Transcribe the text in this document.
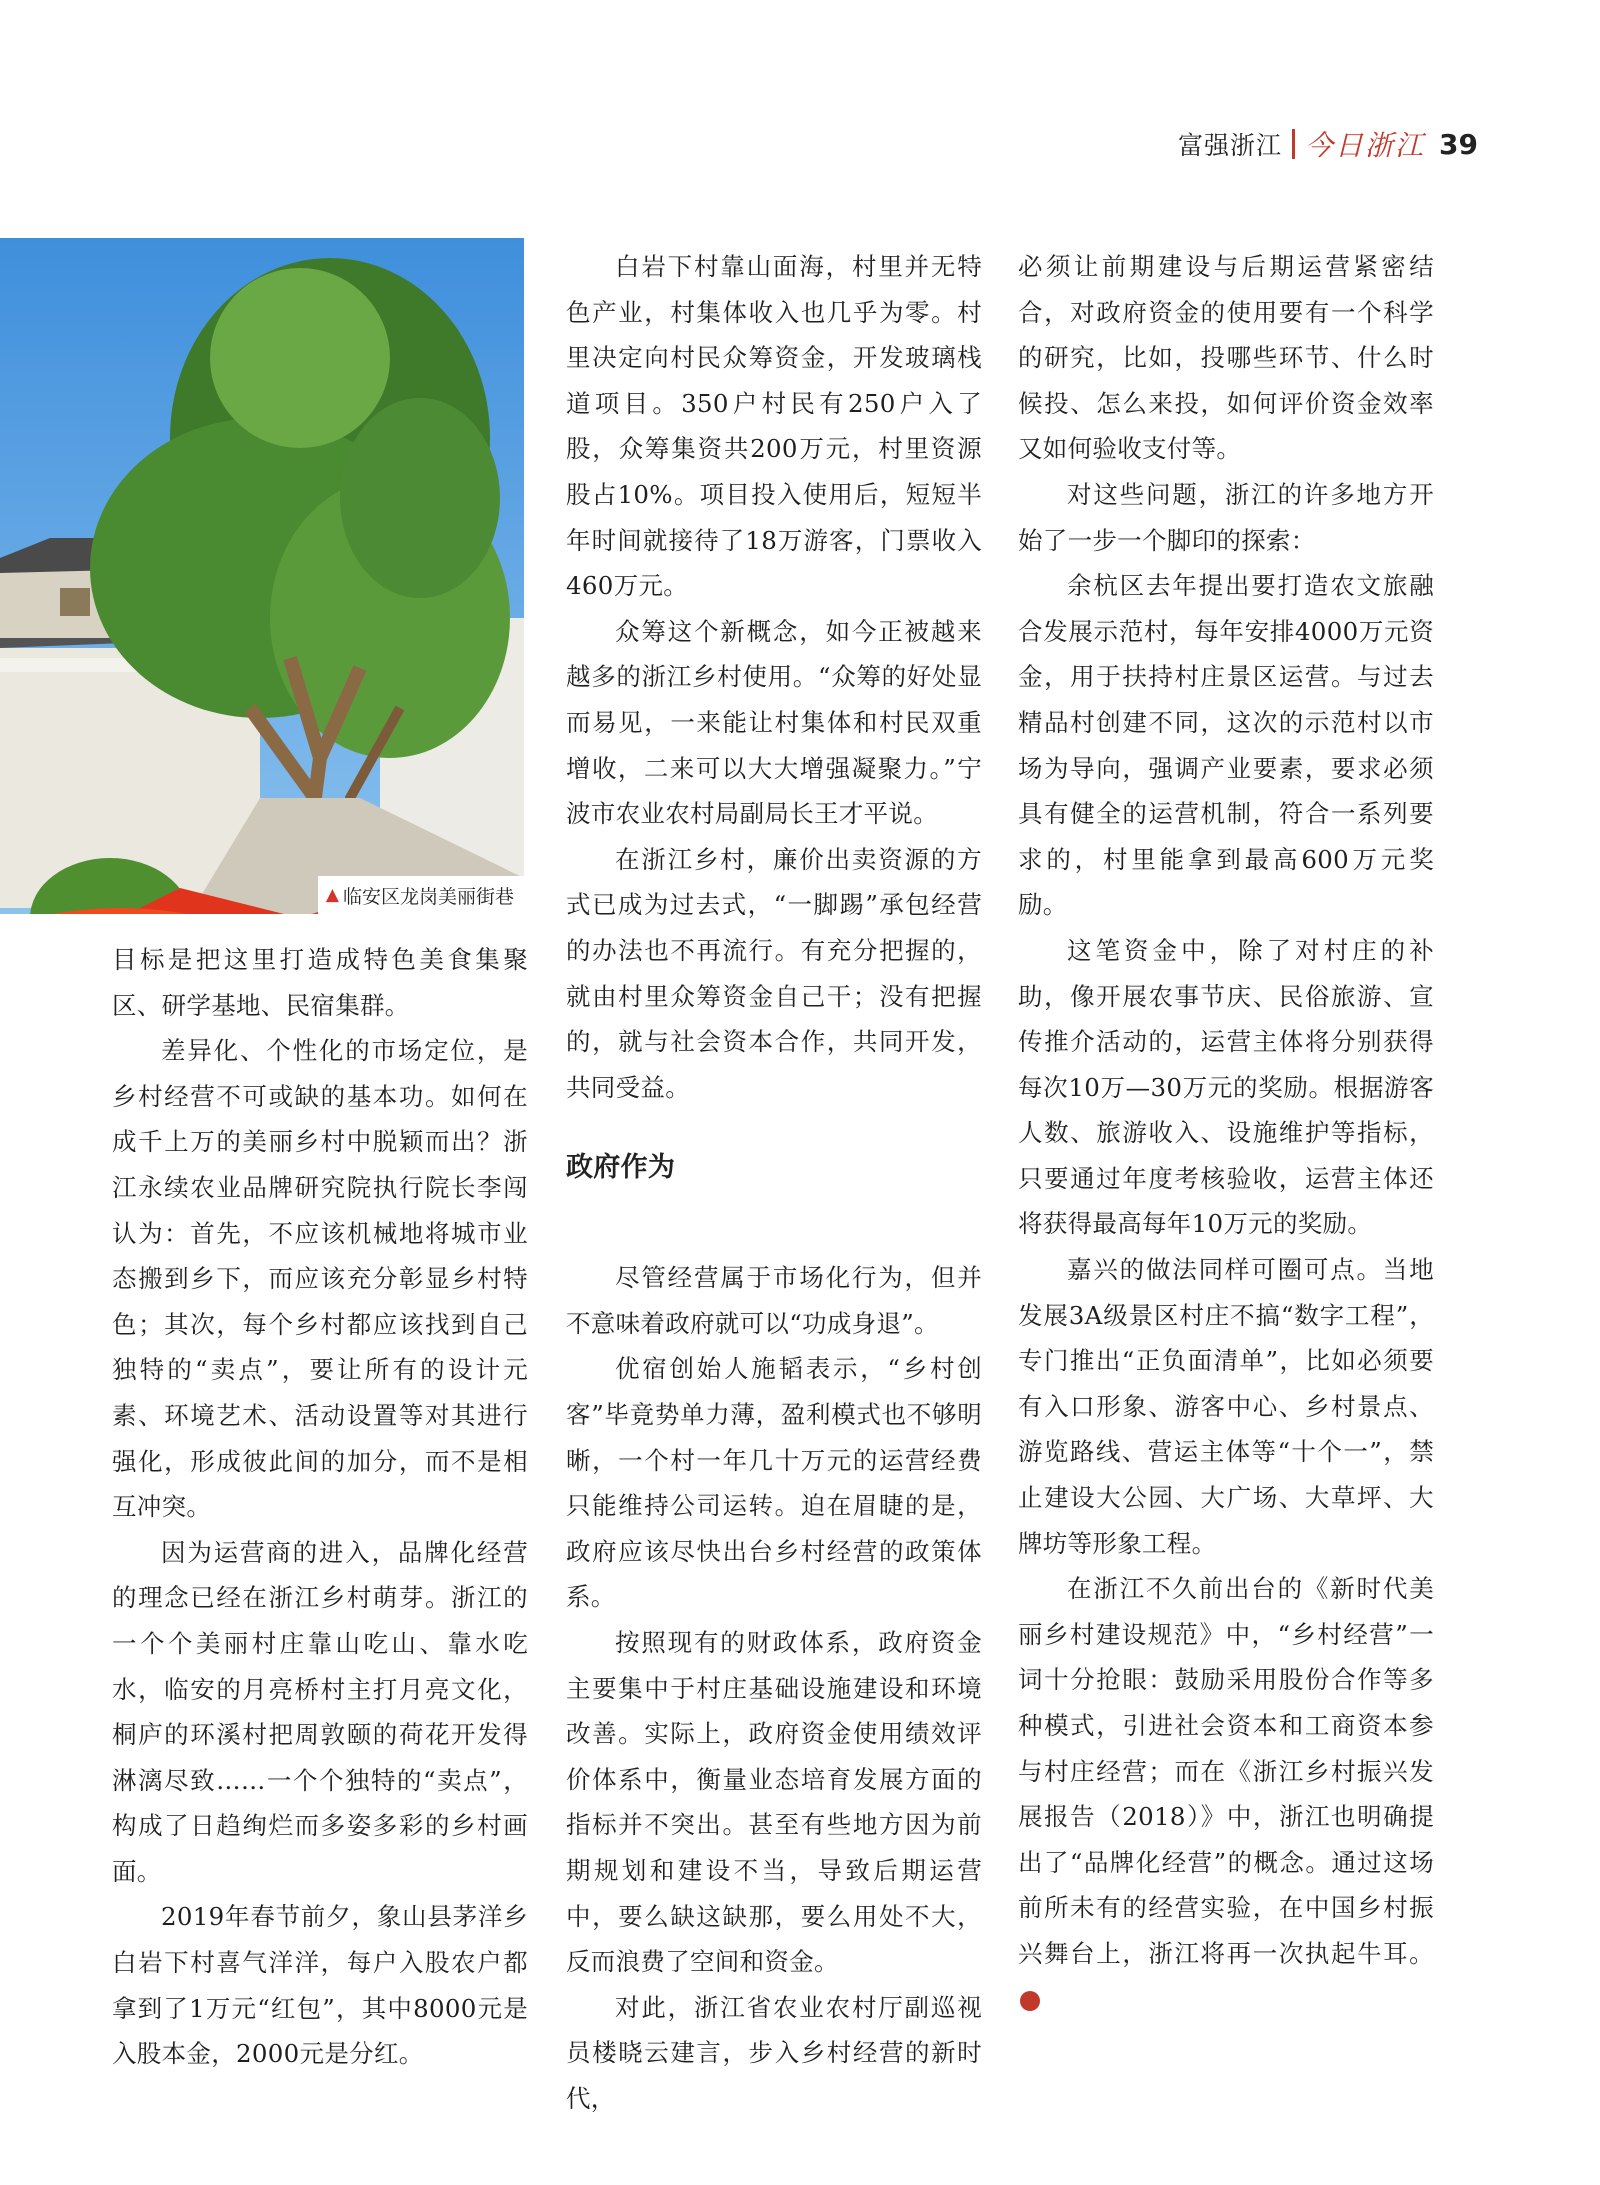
富强浙江 今日浙江 39
▲ 临安区龙岗美丽街巷

目标是把这里打造成特色美食集聚区、研学基地、民宿集群。

差异化、个性化的市场定位，是乡村经营不可或缺的基本功。如何在成千上万的美丽乡村中脱颖而出？浙江永续农业品牌研究院执行院长李闯认为：首先，不应该机械地将城市业态搬到乡下，而应该充分彰显乡村特色；其次，每个乡村都应该找到自己独特的“卖点”，要让所有的设计元素、环境艺术、活动设置等对其进行强化，形成彼此间的加分，而不是相互冲突。

因为运营商的进入，品牌化经营的理念已经在浙江乡村萌芽。浙江的一个个美丽村庄靠山吃山、靠水吃水，临安的月亮桥村主打月亮文化，桐庐的环溪村把周敦颐的荷花开发得淋漓尽致……一个个独特的“卖点”，构成了日趋绚烂而多姿多彩的乡村画面。

2019年春节前夕，象山县茅洋乡白岩下村喜气洋洋，每户入股农户都拿到了1万元“红包”，其中8000元是入股本金，2000元是分红。

白岩下村靠山面海，村里并无特色产业，村集体收入也几乎为零。村里决定向村民众筹资金，开发玻璃栈道项目。350户村民有250户入了股，众筹集资共200万元，村里资源股占10%。项目投入使用后，短短半年时间就接待了18万游客，门票收入460万元。

众筹这个新概念，如今正被越来越多的浙江乡村使用。“众筹的好处显而易见，一来能让村集体和村民双重增收，二来可以大大增强凝聚力。”宁波市农业农村局副局长王才平说。

在浙江乡村，廉价出卖资源的方式已成为过去式，“一脚踢”承包经营的办法也不再流行。有充分把握的，就由村里众筹资金自己干；没有把握的，就与社会资本合作，共同开发，共同受益。

政府作为

尽管经营属于市场化行为，但并不意味着政府就可以“功成身退”。

优宿创始人施韬表示，“乡村创客”毕竟势单力薄，盈利模式也不够明晰，一个村一年几十万元的运营经费只能维持公司运转。迫在眉睫的是，政府应该尽快出台乡村经营的政策体系。

按照现有的财政体系，政府资金主要集中于村庄基础设施建设和环境改善。实际上，政府资金使用绩效评价体系中，衡量业态培育发展方面的指标并不突出。甚至有些地方因为前期规划和建设不当，导致后期运营中，要么缺这缺那，要么用处不大，反而浪费了空间和资金。

对此，浙江省农业农村厅副巡视员楼晓云建言，步入乡村经营的新时代，

必须让前期建设与后期运营紧密结合，对政府资金的使用要有一个科学的研究，比如，投哪些环节、什么时候投、怎么来投，如何评价资金效率又如何验收支付等。

对这些问题，浙江的许多地方开始了一步一个脚印的探索：

余杭区去年提出要打造农文旅融合发展示范村，每年安排4000万元资金，用于扶持村庄景区运营。与过去精品村创建不同，这次的示范村以市场为导向，强调产业要素，要求必须具有健全的运营机制，符合一系列要求的，村里能拿到最高600万元奖励。

这笔资金中，除了对村庄的补助，像开展农事节庆、民俗旅游、宣传推介活动的，运营主体将分别获得每次10万—30万元的奖励。根据游客人数、旅游收入、设施维护等指标，只要通过年度考核验收，运营主体还将获得最高每年10万元的奖励。

嘉兴的做法同样可圈可点。当地发展3A级景区村庄不搞“数字工程”，专门推出“正负面清单”，比如必须要有入口形象、游客中心、乡村景点、游览路线、营运主体等“十个一”，禁止建设大公园、大广场、大草坪、大牌坊等形象工程。

在浙江不久前出台的《新时代美丽乡村建设规范》中，“乡村经营”一词十分抢眼：鼓励采用股份合作等多种模式，引进社会资本和工商资本参与村庄经营；而在《浙江乡村振兴发展报告（2018）》中，浙江也明确提出了“品牌化经营”的概念。通过这场前所未有的经营实验，在中国乡村振兴舞台上，浙江将再一次执起牛耳。今
